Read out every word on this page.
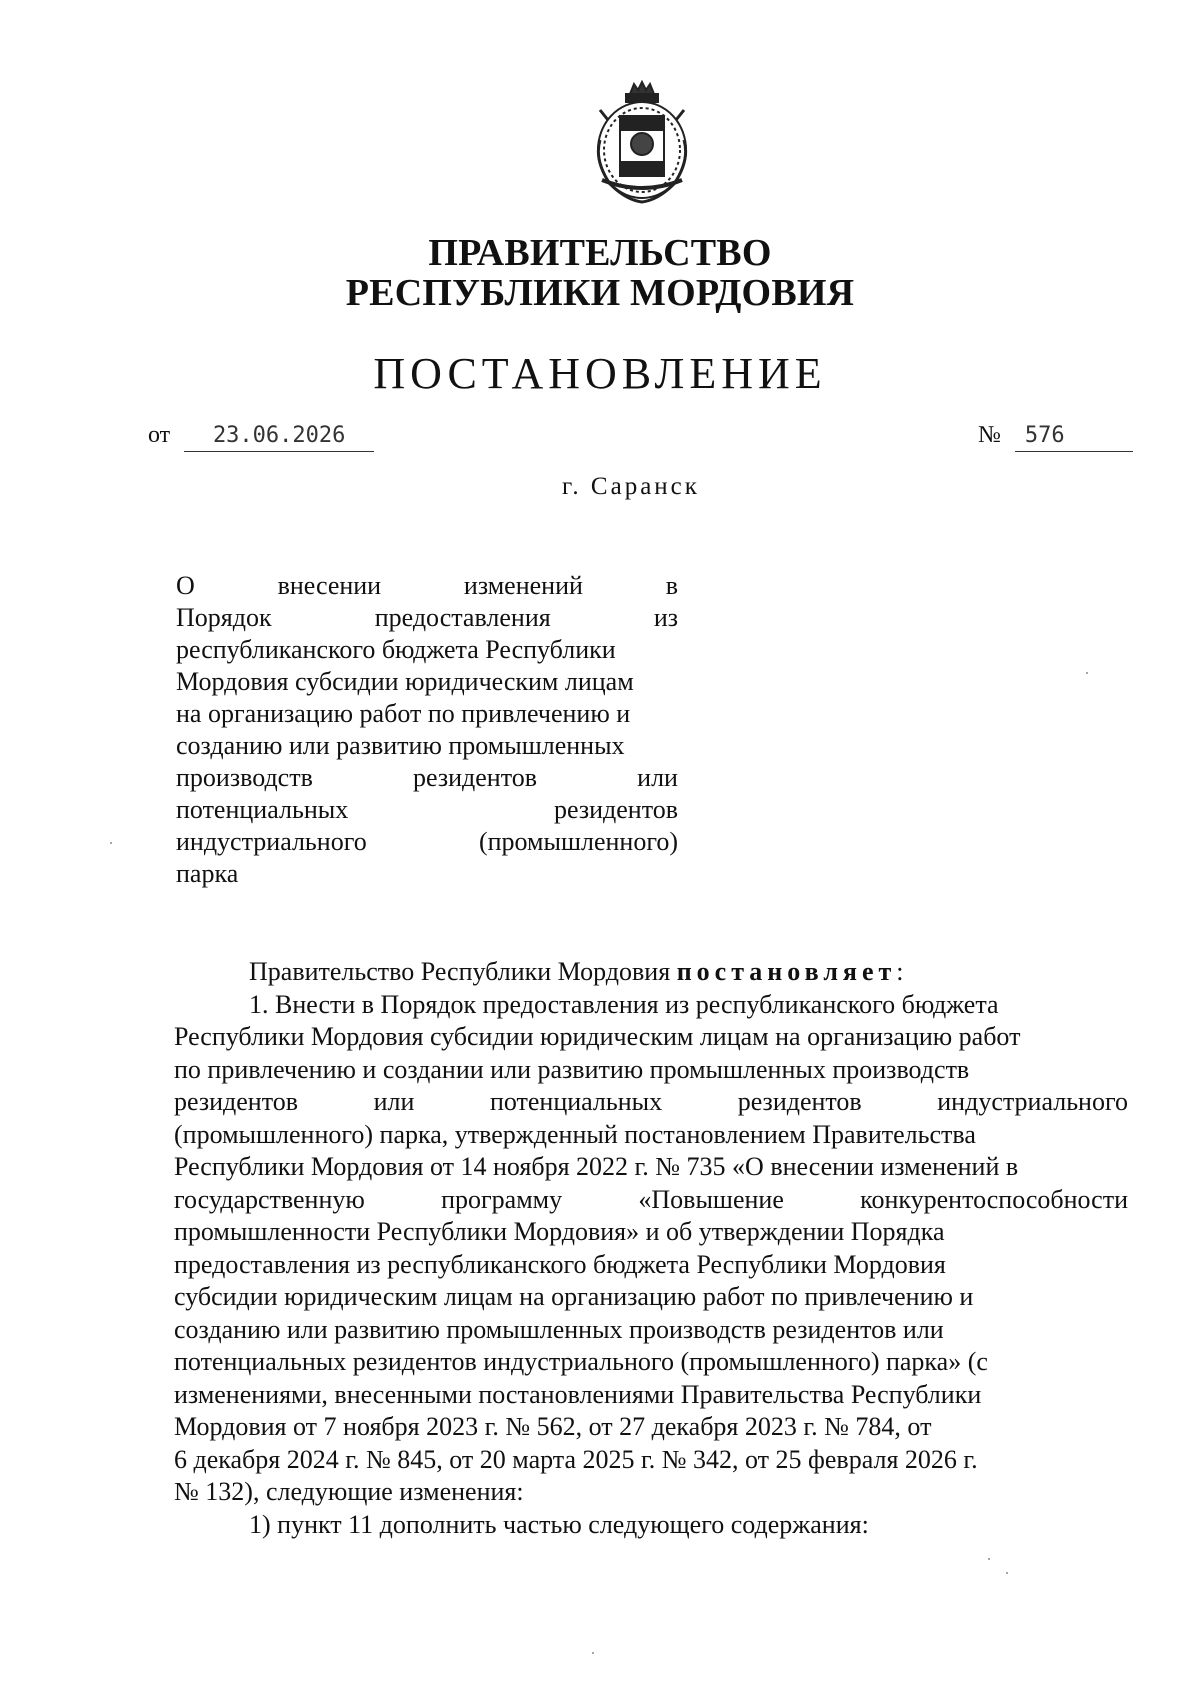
ПРАВИТЕЛЬСТВО
РЕСПУБЛИКИ МОРДОВИЯ
ПОСТАНОВЛЕНИЕ
от 23.06.2026	№ 576
г. Саранск
О	внесении	изменений	в
Порядок	предоставления	из
республиканского бюджета Республики
Мордовия субсидии юридическим лицам
на организацию работ по привлечению и
созданию или развитию промышленных
производств	резидентов	или
потенциальных	резидентов
индустриального	(промышленного)
парка
Правительство Республики Мордовия постановляет:
1. Внести в Порядок предоставления из республиканского бюджета
Республики Мордовия субсидии юридическим лицам на организацию работ
по привлечению и создании или развитию промышленных производств
резидентов	или	потенциальных	резидентов	индустриального
(промышленного) парка, утвержденный постановлением Правительства
Республики Мордовия от 14 ноября 2022 г. № 735 «О внесении изменений в
государственную	программу	«Повышение	конкурентоспособности
промышленности Республики Мордовия» и об утверждении Порядка
предоставления из республиканского бюджета Республики Мордовия
субсидии юридическим лицам на организацию работ по привлечению и
созданию или развитию промышленных производств резидентов или
потенциальных резидентов индустриального (промышленного) парка» (с
изменениями, внесенными постановлениями Правительства Республики
Мордовия от 7 ноября 2023 г. № 562, от 27 декабря 2023 г. № 784, от
6 декабря 2024 г. № 845, от 20 марта 2025 г. № 342, от 25 февраля 2026 г.
№ 132), следующие изменения:
1) пункт 11 дополнить частью следующего содержания:
